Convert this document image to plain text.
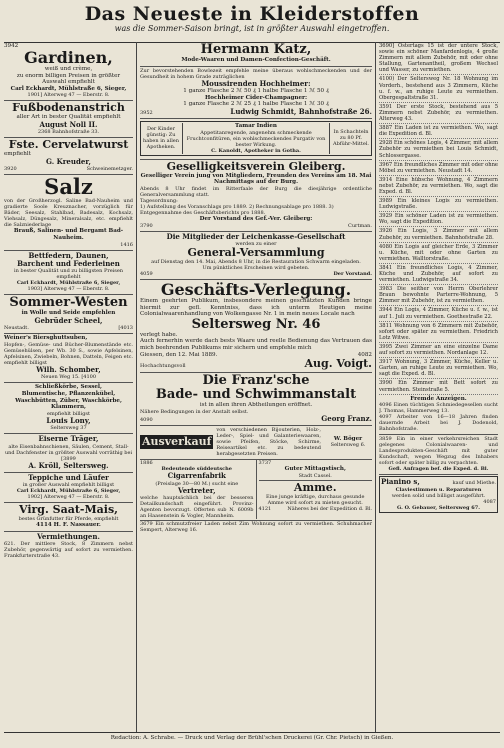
Das Neueste in Kleiderstoffen
was die Sommer-Saison bringt, ist in größter Auswahl eingetroffen.
3942
Gardinen,
weiß und crème,
zu enorm billigen Preisen in größter Auswahl empfiehlt
Carl Eckhardt, Mühlstraße 6, Sieger,
1901] Alterweg 47 — Eberstr. 8.
Fußbodenanstrich
aller Art in bester Qualität empfiehlt
August Noll II.
2368 Bahnhofstraße 33.
Fste. Cervelatwurst
empfiehlt
G. Kreuder,
3920	Schweinemetzger.
Salz
von der Großherzogl. Saline Bad-Nauheim und gradierte Soole Kreuznacher, vorzüglich für Bäder, Seesalz, Stahlbad, Badesalz, Kochsalz, Viehsalz, Düngesalz, Mineralsalz, etc. empfiehlt die Salzniederlage
Brauß, Salinen- und Bergamt Bad-Nauheim.
1416
Bettfedern, Daunen,
Barchent und Federleinen
in bester Qualität und zu billigsten Preisen empfiehlt
Carl Eckhardt, Mühlstraße 6, Sieger,
1903] Alterweg 47 — Eberstr. 8.
Sommer-Westen
in Wolle und Seide empfehlen
Gebrüder Scheel,
Neustadt.	[4013
Weiner's Biersghuttsuben,
Hopfen-, Gemüse- und Bücher-Blumenstände etc. Gemüsehülsen, per Wb. 30 S., sowie Apfelsinen, Apfelsinen, Zwiebeln, Bohnen, Datteln, Feigen etc. empfiehlt billigst
Wilh. Schomber,
Neuen Weg 15. [4100
Schließkörbe, Sessel,
Blumentische, Pflanzenkübel,
Waschbütten, Züber, Waschkörbe, Klammern,
empfiehlt billigst
Louis Lony,
Seltersweg 37
Eiserne Träger,
alte Eisenbahnschienen, Säulen, Cement, Stall- und Dachfenster in größter Auswahl vorräthig bei [3899
A. Kröll, Seltersweg.
Teppiche und Läufer
in großer Auswahl empfiehlt billigst
Carl Eckhardt, Mühlstraße 6, Sieger,
1902] Alterweg 47 — Eberstr. 8.
Virg. Saat-Mais,
bestes Grünfutter für Pferde, empfiehlt
4114 H. F. Nassauer.
Vermiethungen.
621. Der mittlere Stock, 8 Zimmern nebst Zubehör, gegenwärtig auf sofort zu vermiethen. Frankfurterstraße 43.
Hermann Katz,
Mode-Waaren und Damen-Confection-Geschäft.
Zur bevorstehenden Bowlezeit empfehle meine überaus wohlschmeckenden und der Gesundheit in hohem Grade zuträglichen
Moussirenden Hochheimer:
1 ganze Flasche 2 ℳ 50 ₰ 1 halbe Flasche 1 ℳ 50 ₰
Hochheimer Cider-Champagner:
1 ganze Flasche 2 ℳ 25 ₰ 1 halbe Flasche 1 ℳ 30 ₰
3952	Ludwig Schmidt, Bahnhofstraße 26.
Der Kinder günstig: Zu haben in allen Apotheken.
Tamar Indien
Appetitanregende, angenehm schmeckende Fruchtconfitüren, ein wohlschmeckendes Purgativ von bester Wirkung.
C. Kanoldt, Apotheker in Gotha.
In Schachteln zu 80 Pf. Abführ-Mittel.
Geselligkeitsverein Gleiberg.
Geselliger Verein jung von Mitgliedern, Freunden des Vereins am 18. Mai Nachmittags auf der Burg.
Abends 8 Uhr findet im Ritterfaale der Burg die diesjährige ordentliche Generalversammlung statt.
Tagesordnung:
1) Aufstellung des Voranschlags pro 1889. 2) Rechnungsablage pro 1888. 3) Entgegennahme des Geschäftsberichts pro 1888.
Der Vorstand des Gef.-Ver. Gleiberg:
3790	Curtman.
Die Mitglieder der Leichenkasse-Gesellschaft
werden zu einer
General-Versammlung
auf Dienstag den 14. Mai, Abends 8 Uhr, in die Restauration Schwarm eingeladen.
Um pünktliches Erscheinen wird gebeten.
4059	Der Vorstand.
Geschäfts-Verlegung.
Einem geehrten Publikum, insbesondere meinen geschätzten Kunden bringe hiermit zur gefl. Kenntniss, dass ich unterm Heutigen meine Colonialwaarenhandlung von Wolkengasse Nr. 1 in mein neues Locale nach
Seltersweg Nr. 46
verlegt habe.
Auch fernerhin werde dach bests Waare und reelle Bedienung das Vertrauen das mich beehrenden Publikums mir sichern und empfehle mich
Giessen, den 12. Mai 1889.	4082
Hochachtungsvoll	Aug. Voigt.
Die Franz'sche
Bade- und Schwimmanstalt
ist in allen ihren Abtheilungen eröffnet.
Nähere Bedingungen in der Anstalt selbst.
4090	Georg Franz.
Ausverkauf
von verschiedenen Bijouterien, Holz-, Leder-, Spiel- und Galanteriewaaren, sowie Pfeifen, Stöcke, Schirme, Reiseartikel etc. zu bedeutend herabgesetzten Preisen.
W. Böger
Seltersweg 6.
1886
Bedeutende süddeutsche
Cigarrenfabrik
(Preislage 30—80 M.) sucht eine
Vertreter,
welche hauptsächlich bei der besseren Detailkundschaft eingeführt. Provinz-Agenten bevorzugt. Offerten sub N. 6009b an Haasenstein & Vogler, Mannheim.
3737
Guter Mittagstisch,
Stadt Cassel.
Amme.
Eine junge kräftige, durchaus gesunde Amme wird sofort zu mieten gesucht.
4121	Näheres bei der Expedition d. Bl.
3679 Ein schmutzfreier Laden nebst Zim Wohnung sofort zu vermiethen. Schuhmacher Sempert, Alterweg 16.
3690] Ostertags 15 ist der untere Stock, sowie ein schöner Manfardenlogis, 4 große Zimmern mit allem Zubehör, mit oder ohne Stallung, Gartenantheil, großem Wechsel und Wasser, zu vermiethen.
4100) Der Seltersweg Nr. 18 Wohnung im Vorderh., bestehend aus 3 Zimmern, Küche u. f. w., an ruhige Leute zu vermiethen. Obergespaltstraße 31.
3591 Der erste Stock, bestehend aus 5 Zimmern nebst Zubehör, zu vermiethen. Alterweg 43.
3887 Ein Laden ist zu vermiethen. Wo, sagt die Expedition d. Bl.
2928 Ein schönes Logis, 4 Zimmer, mit allem Zubehör zu vermiethen bei Louis Schmidt, Schlossergasse.
3967 Ein freundliches Zimmer mit oder ohne Möbel zu vermiethen. Neustadt 14.
3914 Eine hübsche Wohnung, 4 Zimmern nebst Zubehör, zu vermiethen. Wo, sagt die Exped. d. Bl.
3989 Ein kleines Logis zu vermiethen. Ludwigstraße.
3929 Ein schöner Laden ist zu vermiethen. Wo, sagt die Expedition.
3926 Ein Logis, 3 Zimmer mit allem Zubehör, zu vermiethen. Bahnhofstraße 28.
4080 Ein Logis auf gleicher Erde, 3 Zimmer u. Küche, mit oder ohne Garten zu vermiethen. Walltorstraße.
3841 Ein freundliches Logis, 4 Zimmer, Küche und Zubehör, auf sofort zu vermiethen. Ludwigstraße 34.
3983 Die seither von Herrn Oberlehrer Braun bewohnte Parterre-Wohnung, 5 Zimmer mit Zubehör, ist zu vermiethen.
3944 Ein Logis, 4 Zimmer, Küche u. f. w., ist auf 1. Juli zu vermiethen. Goethestraße 22.
3811 Wohnung von 6 Zimmern mit Zubehör, sofort oder später zu vermiethen. Friedrich Lotz Witwe.
3995 Zwei Zimmer an eine einzelne Dame auf sofort zu vermiethen. Nordanlage 12.
3917 Wohnung, 3 Zimmer, Küche, Keller u. Garten, an ruhige Leute zu vermiethen. Wo, sagt die Exped. d. Bl.
3990 Ein Zimmer mit Bett sofort zu vermiethen. Steinstraße 5.
Fremde Anzeigen.
4096 Einen tüchtigen Schmiedegesellen sucht J. Thomas, Hammerweg 13.
4097 Arbeiter von 16—18 Jahren finden dauernde Arbeit bei J. Dodenold, Bahnhofstraße.
3859 Ein in einer verkehrsreichen Stadt gelegenes Colonialwaaren- und Landesprodukten-Geschäft mit guter Kundschaft, wegen Wegzug des Inhabers sofort oder später billig zu verpachten.
Gefl. Anfragen bef. die Exped. d. Bl.
Pianino s,	kauf und Miethe.
Claviestimmen u. Reparaturen
werden solid und billigst ausgeführt.
4087
G. O. Gebauer, Seltersweg 67.
Redaction: A. Schrabe. — Druck und Verlag der Brühl'schen Druckerei (Gr. Chr. Pietsch) in Gießen.
